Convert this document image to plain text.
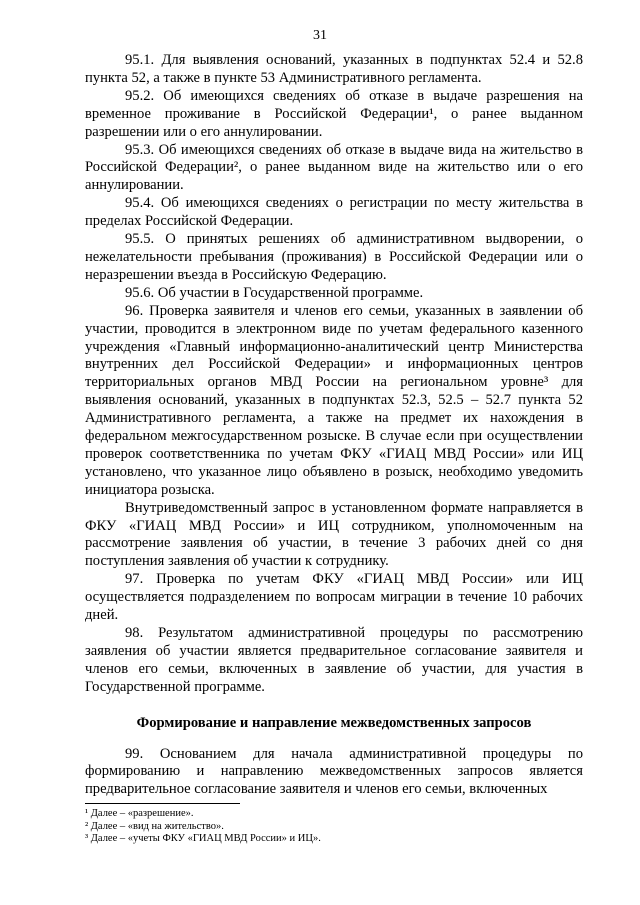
31

95.1. Для выявления оснований, указанных в подпунктах 52.4 и 52.8 пункта 52, а также в пункте 53 Административного регламента.

95.2. Об имеющихся сведениях об отказе в выдаче разрешения на временное проживание в Российской Федерации¹, о ранее выданном разрешении или о его аннулировании.

95.3. Об имеющихся сведениях об отказе в выдаче вида на жительство в Российской Федерации², о ранее выданном виде на жительство или о его аннулировании.

95.4. Об имеющихся сведениях о регистрации по месту жительства в пределах Российской Федерации.

95.5. О принятых решениях об административном выдворении, о нежелательности пребывания (проживания) в Российской Федерации или о неразрешении въезда в Российскую Федерацию.

95.6. Об участии в Государственной программе.

96. Проверка заявителя и членов его семьи, указанных в заявлении об участии, проводится в электронном виде по учетам федерального казенного учреждения «Главный информационно-аналитический центр Министерства внутренних дел Российской Федерации» и информационных центров территориальных органов МВД России на региональном уровне³ для выявления оснований, указанных в подпунктах 52.3, 52.5 – 52.7 пункта 52 Административного регламента, а также на предмет их нахождения в федеральном межгосударственном розыске. В случае если при осуществлении проверок соответственника по учетам ФКУ «ГИАЦ МВД России» или ИЦ установлено, что указанное лицо объявлено в розыск, необходимо уведомить инициатора розыска.

Внутриведомственный запрос в установленном формате направляется в ФКУ «ГИАЦ МВД России» и ИЦ сотрудником, уполномоченным на рассмотрение заявления об участии, в течение 3 рабочих дней со дня поступления заявления об участии к сотруднику.

97. Проверка по учетам ФКУ «ГИАЦ МВД России» или ИЦ осуществляется подразделением по вопросам миграции в течение 10 рабочих дней.

98. Результатом административной процедуры по рассмотрению заявления об участии является предварительное согласование заявителя и членов его семьи, включенных в заявление об участии, для участия в Государственной программе.

Формирование и направление межведомственных запросов

99. Основанием для начала административной процедуры по формированию и направлению межведомственных запросов является предварительное согласование заявителя и членов его семьи, включенных

¹ Далее – «разрешение».

² Далее – «вид на жительство».

³ Далее – «учеты ФКУ «ГИАЦ МВД России» и ИЦ».
